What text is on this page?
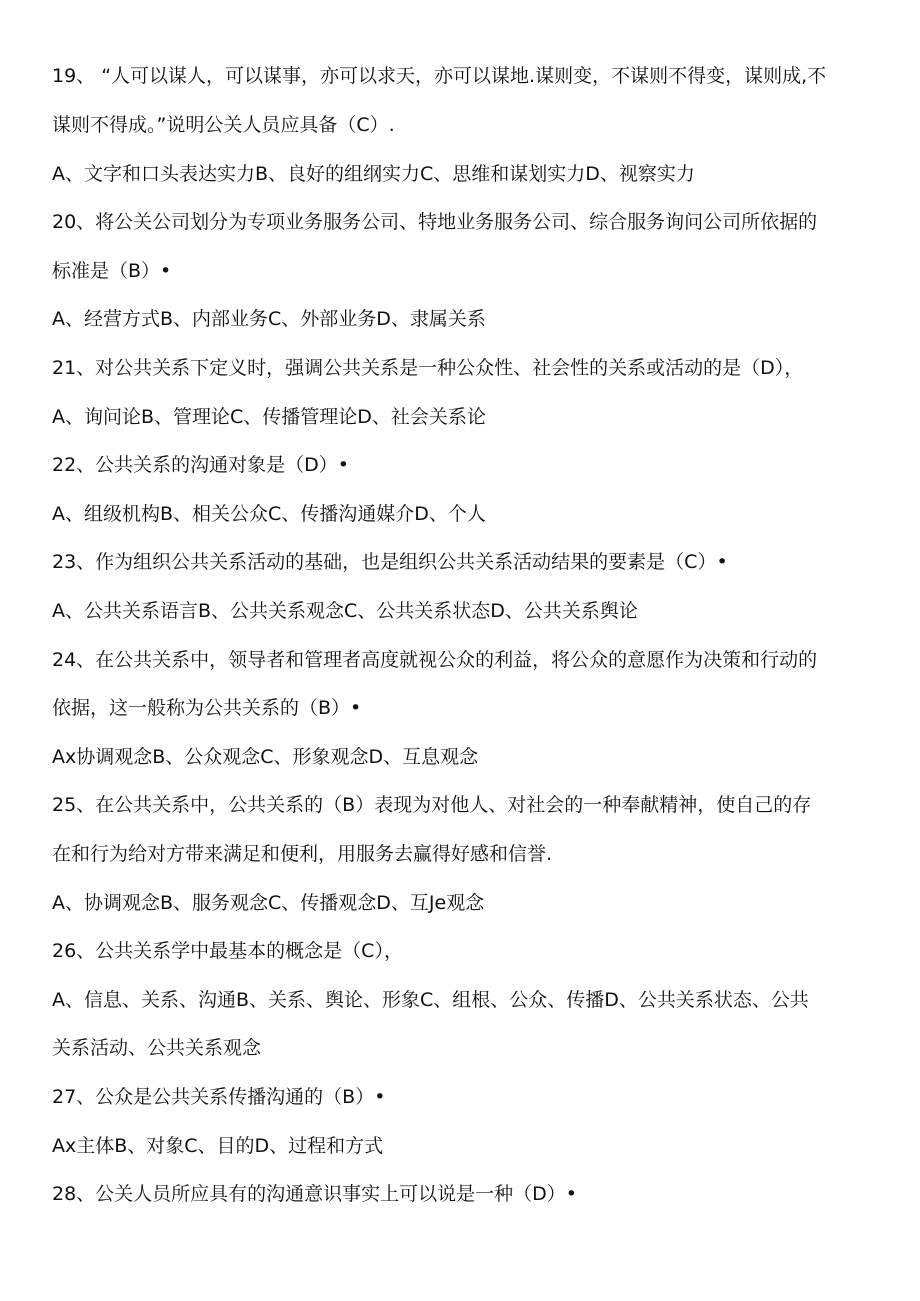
19、 “人可以谋人，可以谋事，亦可以求天，亦可以谋地.谋则变，不谋则不得变，谋则成,不
谋则不得成。”说明公关人员应具备（C）.
A、文字和口头表达实力B、良好的组纲实力C、思维和谋划实力D、视察实力
20、将公关公司划分为专项业务服务公司、特地业务服务公司、综合服务询问公司所依据的
标准是（B）•
A、经营方式B、内部业务C、外部业务D、隶属关系
21、对公共关系下定义时，强调公共关系是一种公众性、社会性的关系或活动的是（D），
A、询问论B、管理论C、传播管理论D、社会关系论
22、公共关系的沟通对象是（D）•
A、组级机构B、相关公众C、传播沟通媒介D、个人
23、作为组织公共关系活动的基础，也是组织公共关系活动结果的要素是（C）•
A、公共关系语言B、公共关系观念C、公共关系状态D、公共关系舆论
24、在公共关系中，领导者和管理者高度就视公众的利益，将公众的意愿作为决策和行动的
依据，这一般称为公共关系的（B）•
Ax协调观念B、公众观念C、形象观念D、互息观念
25、在公共关系中，公共关系的（B）表现为对他人、对社会的一种奉献精神，使自己的存
在和行为给对方带来满足和便利，用服务去赢得好感和信誉.
A、协调观念B、服务观念C、传播观念D、互Je观念
26、公共关系学中最基本的概念是（C），
A、信息、关系、沟通B、关系、舆论、形象C、组根、公众、传播D、公共关系状态、公共
关系活动、公共关系观念
27、公众是公共关系传播沟通的（B）•
Ax主体B、对象C、目的D、过程和方式
28、公关人员所应具有的沟通意识事实上可以说是一种（D）•
